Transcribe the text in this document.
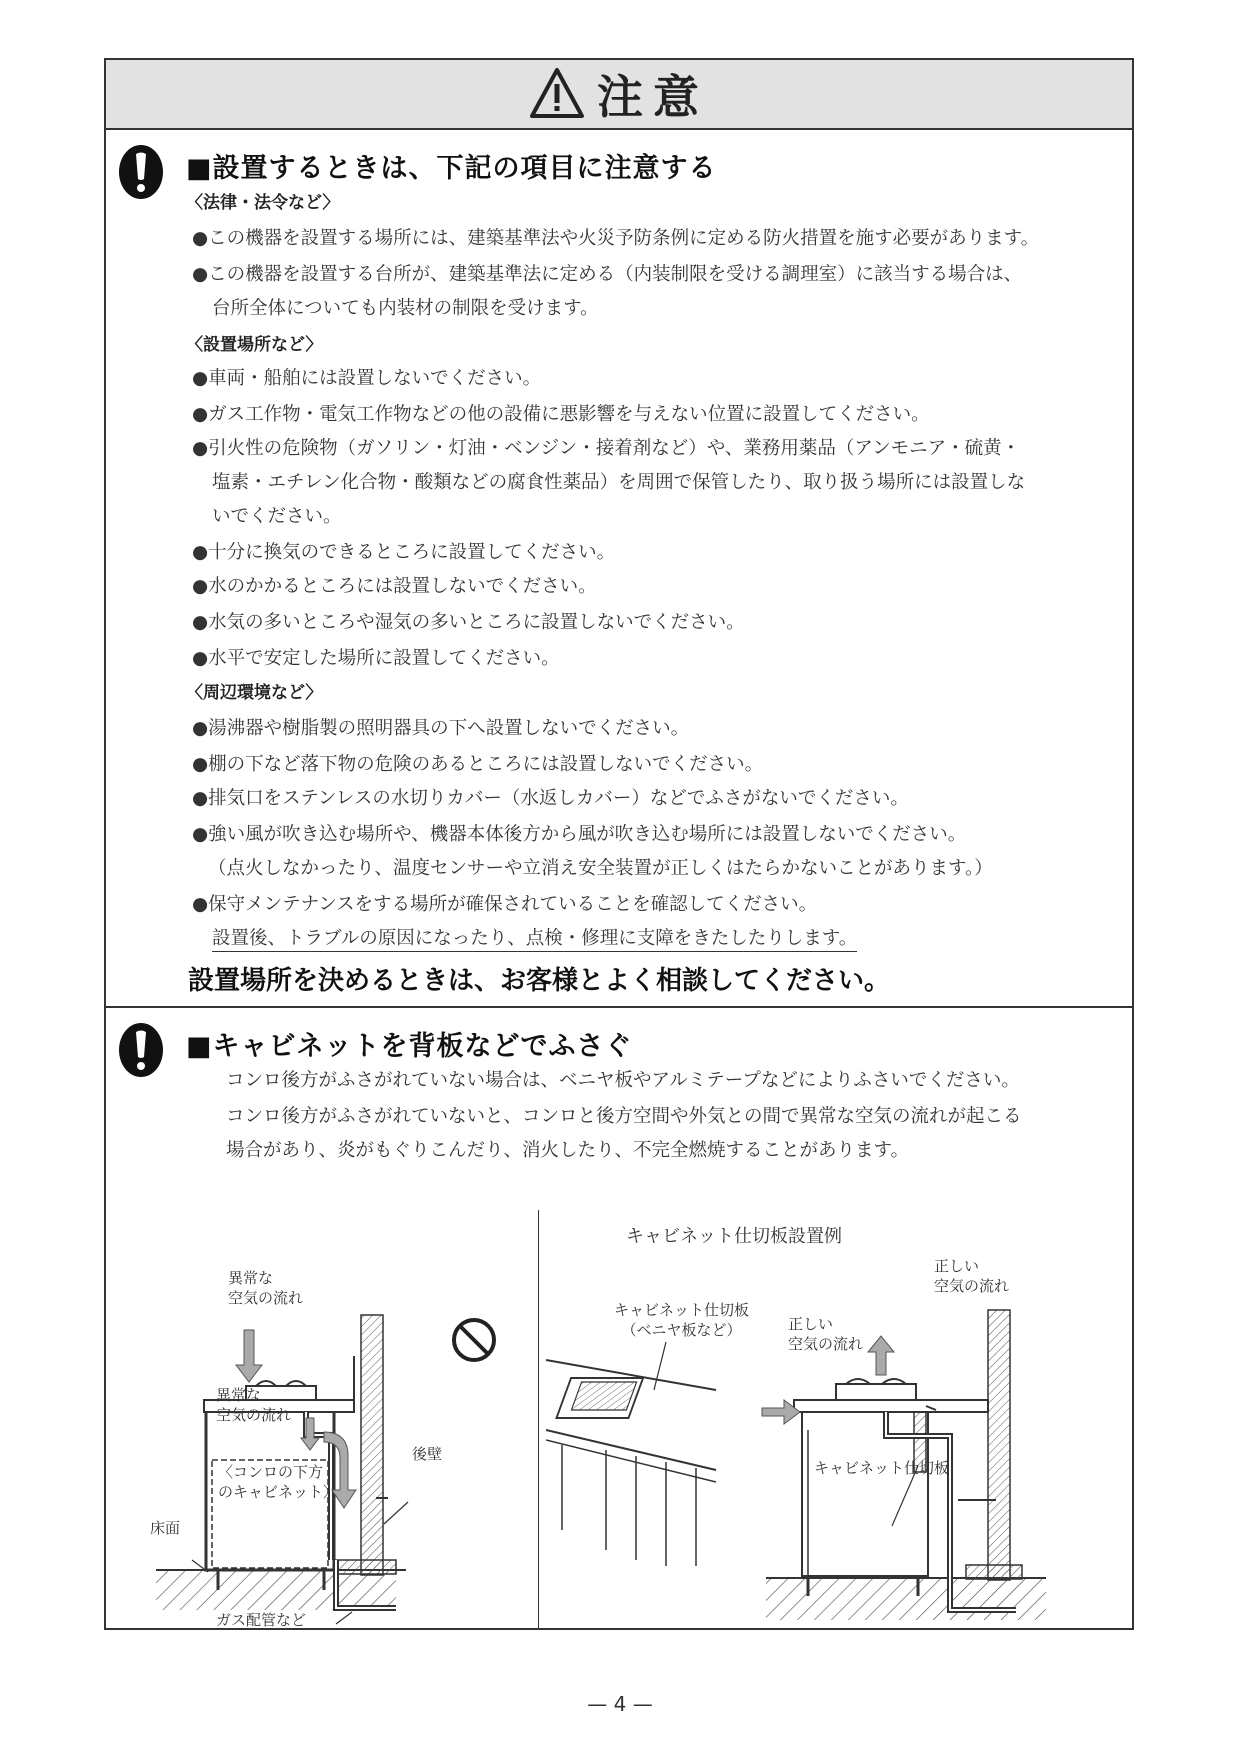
注意
■設置するときは、下記の項目に注意する
〈法律・法令など〉
●この機器を設置する場所には、建築基準法や火災予防条例に定める防火措置を施す必要があります。
●この機器を設置する台所が、建築基準法に定める（内装制限を受ける調理室）に該当する場合は、
台所全体についても内装材の制限を受けます。
〈設置場所など〉
●車両・船舶には設置しないでください。
●ガス工作物・電気工作物などの他の設備に悪影響を与えない位置に設置してください。
●引火性の危険物（ガソリン・灯油・ベンジン・接着剤など）や、業務用薬品（アンモニア・硫黄・
塩素・エチレン化合物・酸類などの腐食性薬品）を周囲で保管したり、取り扱う場所には設置しな
いでください。
●十分に換気のできるところに設置してください。
●水のかかるところには設置しないでください。
●水気の多いところや湿気の多いところに設置しないでください。
●水平で安定した場所に設置してください。
〈周辺環境など〉
●湯沸器や樹脂製の照明器具の下へ設置しないでください。
●棚の下など落下物の危険のあるところには設置しないでください。
●排気口をステンレスの水切りカバー（水返しカバー）などでふさがないでください。
●強い風が吹き込む場所や、機器本体後方から風が吹き込む場所には設置しないでください。
（点火しなかったり、温度センサーや立消え安全装置が正しくはたらかないことがあります。）
●保守メンテナンスをする場所が確保されていることを確認してください。
設置後、トラブルの原因になったり、点検・修理に支障をきたしたりします。
設置場所を決めるときは、お客様とよく相談してください。
■キャビネットを背板などでふさぐ
コンロ後方がふさがれていない場合は、ベニヤ板やアルミテープなどによりふさいでください。
コンロ後方がふさがれていないと、コンロと後方空間や外気との間で異常な空気の流れが起こる
場合があり、炎がもぐりこんだり、消火したり、不完全燃焼することがあります。
異常な
空気の流れ
異常な
空気の流れ
〈コンロの下方
のキャビネット〉
後壁
床面
ガス配管など
キャビネット仕切板設置例
キャビネット仕切板
（ベニヤ板など）	正しい
空気の流れ
正しい
空気の流れ
キャビネット仕切板
— 4 —
